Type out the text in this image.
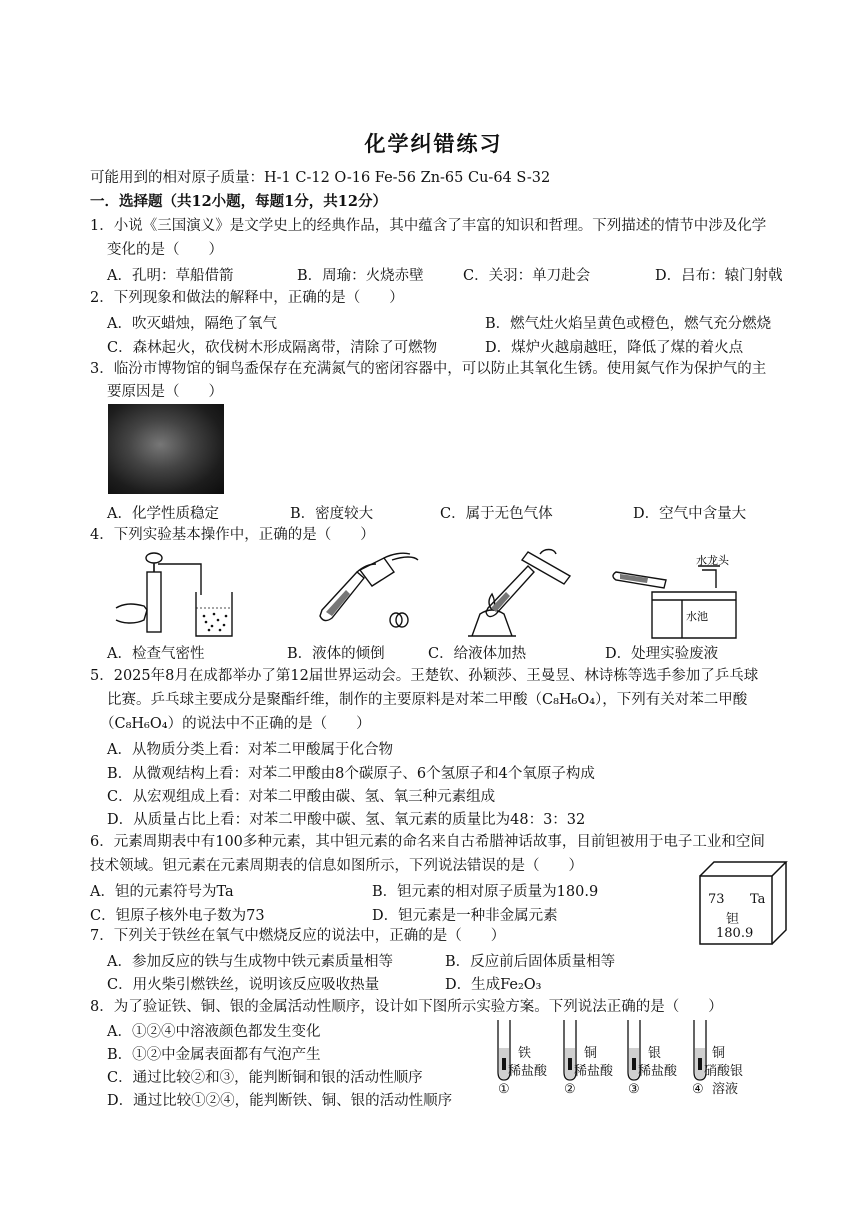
化学纠错练习
可能用到的相对原子质量：H-1 C-12 O-16 Fe-56 Zn-65 Cu-64 S-32
一．选择题（共12小题，每题1分，共12分）
1．小说《三国演义》是文学史上的经典作品，其中蕴含了丰富的知识和哲理。下列描述的情节中涉及化学
变化的是（　　）
A．孔明：草船借箭	B．周瑜：火烧赤壁	C．关羽：单刀赴会	D．吕布：辕门射戟
2．下列现象和做法的解释中，正确的是（　　）
A．吹灭蜡烛，隔绝了氧气	B．燃气灶火焰呈黄色或橙色，燃气充分燃烧
C．森林起火，砍伐树木形成隔离带，清除了可燃物	D．煤炉火越扇越旺，降低了煤的着火点
3．临汾市博物馆的铜鸟盉保存在充满氮气的密闭容器中，可以防止其氧化生锈。使用氮气作为保护气的主
要原因是（　　）
A．化学性质稳定	B．密度较大	C．属于无色气体	D．空气中含量大
4．下列实验基本操作中，正确的是（　　）
水龙头
水池
A．检查气密性	B．液体的倾倒	C．给液体加热	D．处理实验废液
5．2025年8月在成都举办了第12届世界运动会。王楚钦、孙颖莎、王曼昱、林诗栋等选手参加了乒乓球
比赛。乒乓球主要成分是聚酯纤维，制作的主要原料是对苯二甲酸（C₈H₆O₄），下列有关对苯二甲酸
（C₈H₆O₄）的说法中不正确的是（　　）
A．从物质分类上看：对苯二甲酸属于化合物
B．从微观结构上看：对苯二甲酸由8个碳原子、6个氢原子和4个氧原子构成
C．从宏观组成上看：对苯二甲酸由碳、氢、氧三种元素组成
D．从质量占比上看：对苯二甲酸中碳、氢、氧元素的质量比为48：3：32
6．元素周期表中有100多种元素，其中钽元素的命名来自古希腊神话故事，目前钽被用于电子工业和空间
技术领域。钽元素在元素周期表的信息如图所示，下列说法错误的是（　　）
A．钽的元素符号为Ta	B．钽元素的相对原子质量为180.9
C．钽原子核外电子数为73	D．钽元素是一种非金属元素
73 Ta
钽
180.9
7．下列关于铁丝在氧气中燃烧反应的说法中，正确的是（　　）
A．参加反应的铁与生成物中铁元素质量相等	B．反应前后固体质量相等
C．用火柴引燃铁丝，说明该反应吸收热量	D．生成Fe₂O₃
8．为了验证铁、铜、银的金属活动性顺序，设计如下图所示实验方案。下列说法正确的是（　　）
A．①②④中溶液颜色都发生变化
B．①②中金属表面都有气泡产生
C．通过比较②和③，能判断铜和银的活动性顺序
D．通过比较①②④，能判断铁、铜、银的活动性顺序
铁
稀盐酸
①
铜
稀盐酸
②
银
稀盐酸
③
铜
硝酸银
溶液
④
